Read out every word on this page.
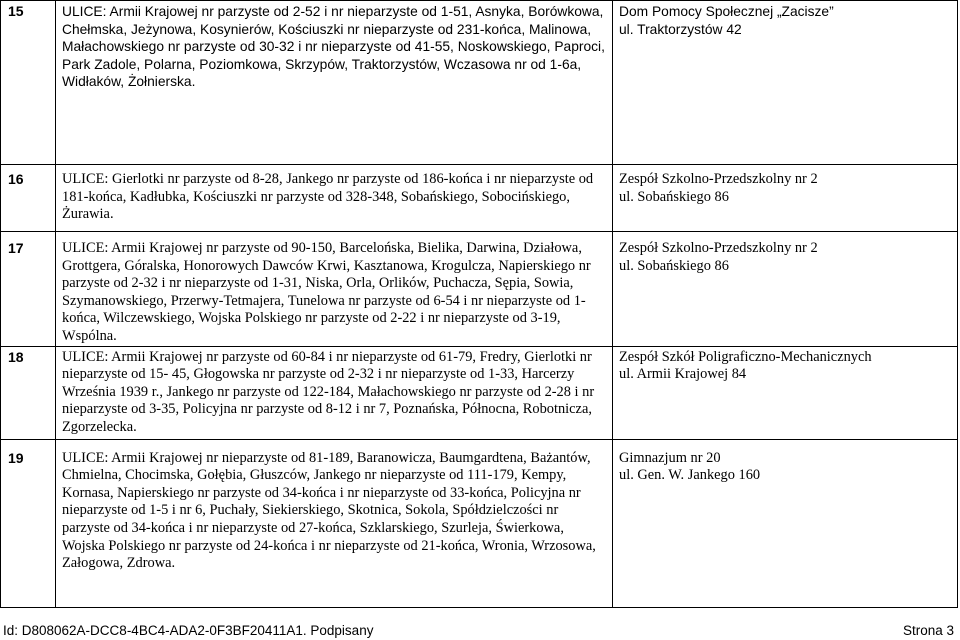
15	ULICE: Armii Krajowej nr parzyste od 2-52 i nr nieparzyste od 1-51, Asnyka, Borówkowa, Chełmska, Jeżynowa, Kosynierów, Kościuszki nr nieparzyste od 231-końca, Malinowa, Małachowskiego nr parzyste od 30-32 i nr nieparzyste od 41-55, Noskowskiego, Paproci, Park Zadole, Polarna, Poziomkowa, Skrzypów, Traktorzystów, Wczasowa nr od 1-6a, Widłaków, Żołnierska.	Dom Pomocy Społecznej „Zacisze”
ul. Traktorzystów 42

16	ULICE: Gierlotki nr parzyste od 8-28, Jankego nr parzyste od 186-końca i nr nieparzyste od 181-końca, Kadłubka, Kościuszki nr parzyste od 328-348, Sobańskiego, Sobocińskiego, Żurawia.	Zespół Szkolno-Przedszkolny nr 2
ul. Sobańskiego 86

17	ULICE: Armii Krajowej nr parzyste od 90-150, Barcelońska, Bielika, Darwina, Działowa, Grottgera, Góralska, Honorowych Dawców Krwi, Kasztanowa, Krogulcza, Napierskiego nr parzyste od 2-32 i nr nieparzyste od 1-31, Niska, Orla, Orlików, Puchacza, Sępia, Sowia, Szymanowskiego, Przerwy-Tetmajera, Tunelowa nr parzyste od 6-54 i nr nieparzyste od 1-końca, Wilczewskiego, Wojska Polskiego nr parzyste od 2-22 i nr nieparzyste od 3-19, Wspólna.	Zespół Szkolno-Przedszkolny nr 2
ul. Sobańskiego 86

18	ULICE: Armii Krajowej nr parzyste od 60-84 i nr nieparzyste od 61-79, Fredry, Gierlotki nr nieparzyste od 15- 45, Głogowska nr parzyste od 2-32 i nr nieparzyste od 1-33, Harcerzy Września 1939 r., Jankego nr parzyste od 122-184, Małachowskiego nr parzyste od 2-28 i nr nieparzyste od 3-35, Policyjna nr parzyste od 8-12 i nr 7, Poznańska, Północna, Robotnicza, Zgorzelecka.	Zespół Szkół Poligraficzno-Mechanicznych
ul. Armii Krajowej 84

19	ULICE: Armii Krajowej nr nieparzyste od 81-189, Baranowicza, Baumgardtena, Bażantów, Chmielna, Chocimska, Gołębia, Głuszców, Jankego nr nieparzyste od 111-179, Kempy, Kornasa, Napierskiego nr parzyste od 34-końca i nr nieparzyste od 33-końca, Policyjna nr nieparzyste od 1-5 i nr 6, Puchały, Siekierskiego, Skotnica, Sokola, Spółdzielczości nr parzyste od 34-końca i nr nieparzyste od 27-końca, Szklarskiego, Szurleja, Świerkowa, Wojska Polskiego nr parzyste od 24-końca i nr nieparzyste od 21-końca, Wronia, Wrzosowa, Załogowa, Zdrowa.	Gimnazjum nr 20
ul. Gen. W. Jankego 160
Id: D808062A-DCC8-4BC4-ADA2-0F3BF20411A1. Podpisany	Strona 3
